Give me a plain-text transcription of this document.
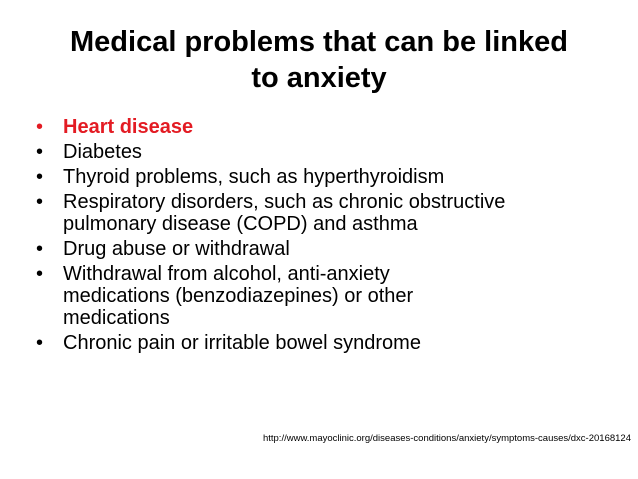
Medical problems that can be linked
to anxiety
• Heart disease
• Diabetes
• Thyroid problems, such as hyperthyroidism
• Respiratory disorders, such as chronic obstructive
pulmonary disease (COPD) and asthma
• Drug abuse or withdrawal
• Withdrawal from alcohol, anti-anxiety
medications (benzodiazepines) or other
medications
• Chronic pain or irritable bowel syndrome
http://www.mayoclinic.org/diseases-conditions/anxiety/symptoms-causes/dxc-20168124
